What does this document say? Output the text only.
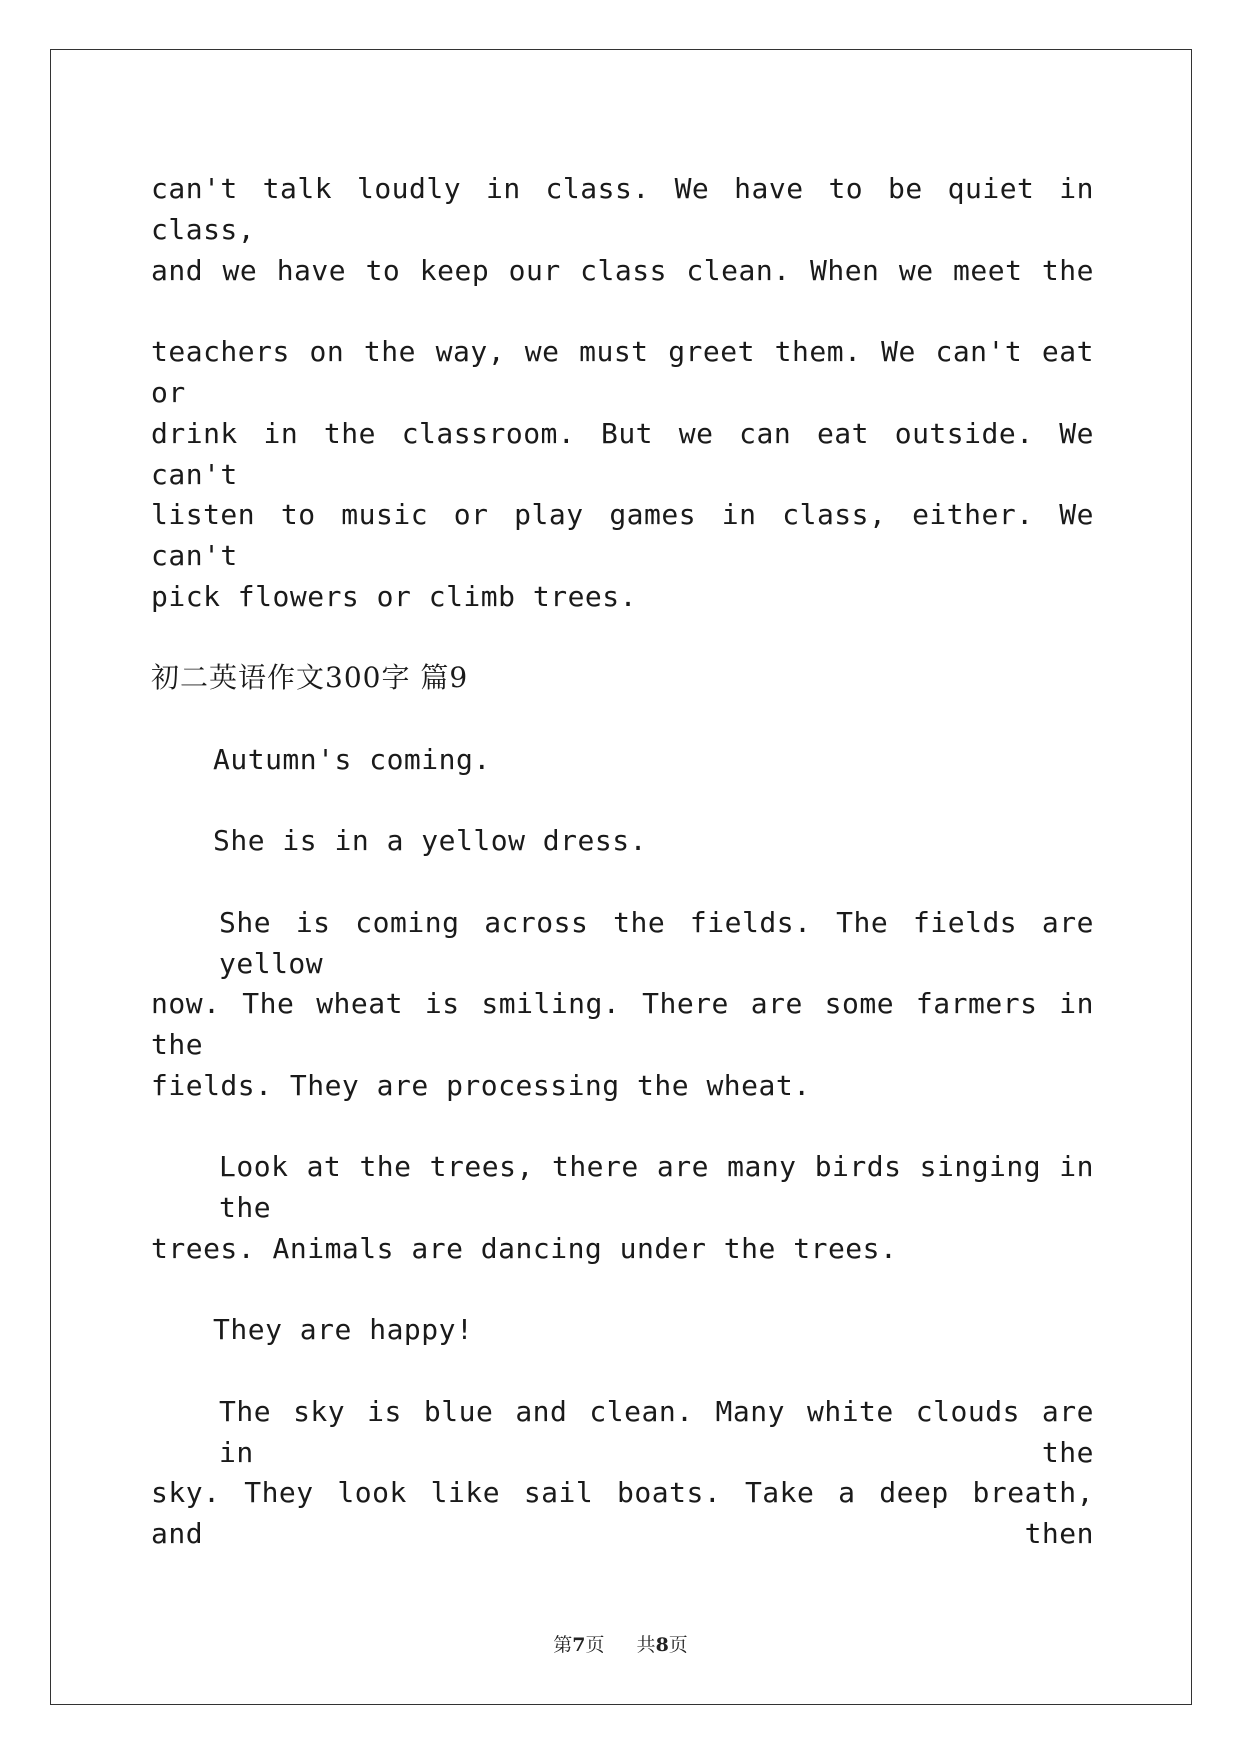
can't talk loudly in class. We have to be quiet in class,
and we have to keep our class clean. When we meet the
teachers on the way, we must greet them. We can't eat or
drink in the classroom. But we can eat outside. We can't
listen to music or play games in class, either. We can't
pick flowers or climb trees.
初二英语作文300字 篇9
Autumn's coming.
She is in a yellow dress.
She is coming across the fields. The fields are yellow
now. The wheat is smiling. There are some farmers in the
fields. They are processing the wheat.
Look at the trees, there are many birds singing in the
trees. Animals are dancing under the trees.
They are happy!
The sky is blue and clean. Many white clouds are in the
sky. They look like sail boats. Take a deep breath, and then
第7页 共8页
